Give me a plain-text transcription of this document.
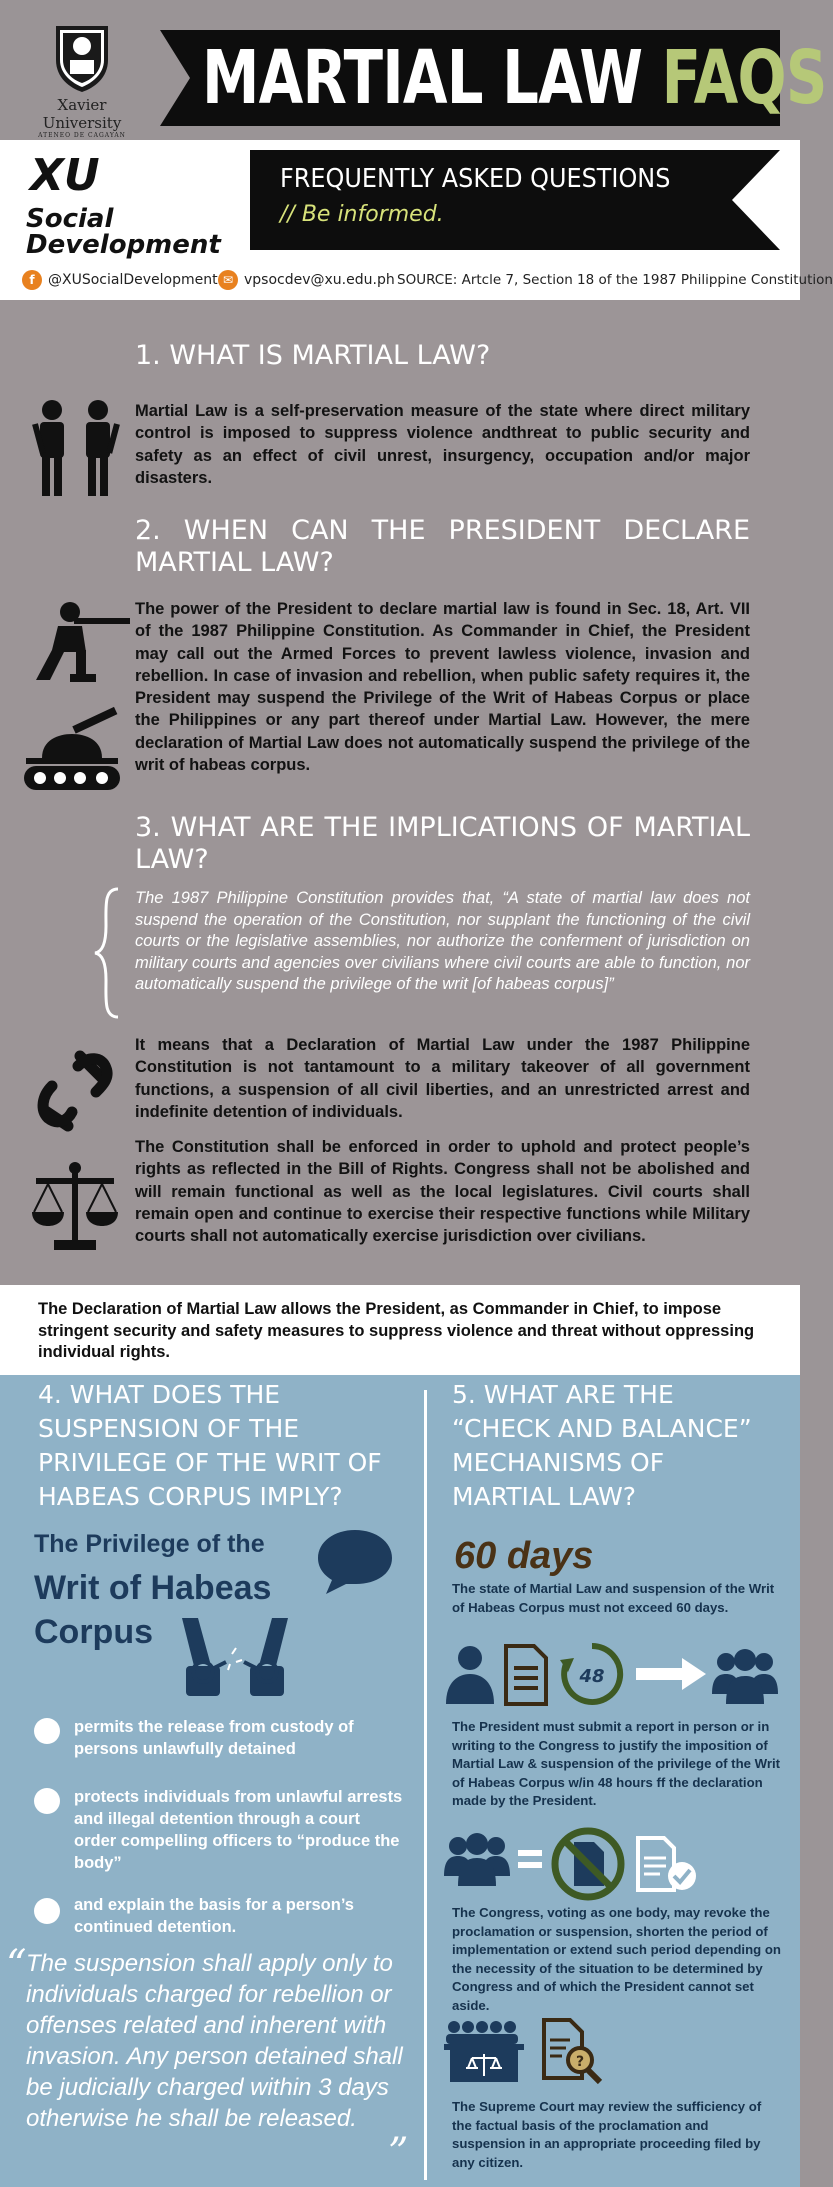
Xavier University
ATENEO DE CAGAYAN
MARTIAL LAW FAQS
XU
Social
Development
FREQUENTLY ASKED QUESTIONS
// Be informed.
f @XUSocialDevelopment ✉ vpsocdev@xu.edu.ph SOURCE: Artcle 7, Section 18 of the 1987 Philippine Constitution
1. WHAT IS MARTIAL LAW?
Martial Law is a self-preservation measure of the state where direct military control is imposed to suppress violence andthreat to public security and safety as an effect of civil unrest, insurgency, occupation and/or major disasters.
2. WHEN CAN THE PRESIDENT DECLARE MARTIAL LAW?
The power of the President to declare martial law is found in Sec. 18, Art. VII of the 1987 Philippine Constitution. As Commander in Chief, the President may call out the Armed Forces to prevent lawless violence, invasion and rebellion. In case of invasion and rebellion, when public safety requires it, the President may suspend the Privilege of the Writ of Habeas Corpus or place the Philippines or any part thereof under Martial Law. However, the mere declaration of Martial Law does not automatically suspend the privilege of the writ of habeas corpus.
3. WHAT ARE THE IMPLICATIONS OF MARTIAL LAW?
The 1987 Philippine Constitution provides that, “A state of martial law does not suspend the operation of the Constitution, nor supplant the functioning of the civil courts or the legislative assemblies, nor authorize the conferment of jurisdiction on military courts and agencies over civilians where civil courts are able to function, nor automatically suspend the privilege of the writ [of habeas corpus]”
It means that a Declaration of Martial Law under the 1987 Philippine Constitution is not tantamount to a military takeover of all government functions, a suspension of all civil liberties, and an unrestricted arrest and indefinite detention of individuals.
The Constitution shall be enforced in order to uphold and protect people’s rights as reflected in the Bill of Rights. Congress shall not be abolished and will remain functional as well as the local legislatures. Civil courts shall remain open and continue to exercise their respective functions while Military courts shall not automatically exercise jurisdiction over civilians.
The Declaration of Martial Law allows the President, as Commander in Chief, to impose stringent security and safety measures to suppress violence and threat without oppressing individual rights.
4. WHAT DOES THE
SUSPENSION OF THE
PRIVILEGE OF THE WRIT OF
HABEAS CORPUS IMPLY?
The Privilege of the
Writ of Habeas
Corpus
permits the release from custody of persons unlawfully detained
protects individuals from unlawful arrests and illegal detention through a court order compelling officers to “produce the body”
and explain the basis for a person’s continued detention.
“ The suspension shall apply only to individuals charged for rebellion or offenses related and inherent with invasion. Any person detained shall be judicially charged within 3 days otherwise he shall be released.
”
5. WHAT ARE THE
“CHECK AND BALANCE”
MECHANISMS OF
MARTIAL LAW?
60 days
The state of Martial Law and suspension of the Writ of Habeas Corpus must not exceed 60 days.
48
The President must submit a report in person or in writing to the Congress to justify the imposition of Martial Law & suspension of the privilege of the Writ of Habeas Corpus w/in 48 hours ff the declaration made by the President.
The Congress, voting as one body, may revoke the proclamation or suspension, shorten the period of implementation or extend such period depending on the necessity of the situation to be determined by Congress and of which the President cannot set aside.
?
The Supreme Court may review the sufficiency of the factual basis of the proclamation and suspension in an appropriate proceeding filed by any citizen.
